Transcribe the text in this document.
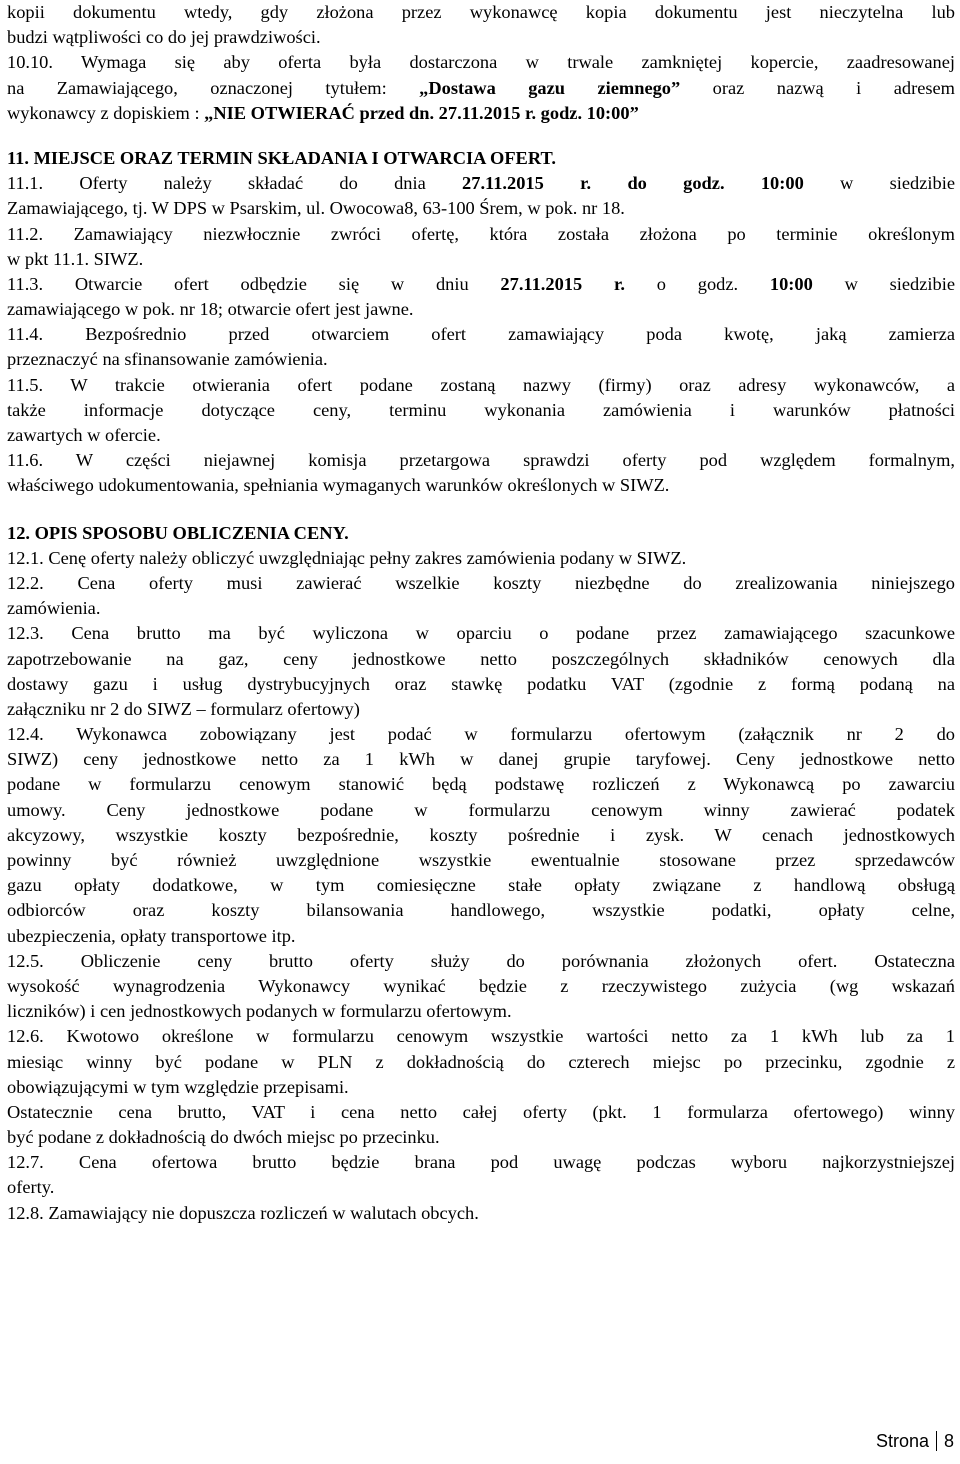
kopii dokumentu wtedy, gdy złożona przez wykonawcę kopia dokumentu jest nieczytelna lub
budzi wątpliwości co do jej prawdziwości.
10.10. Wymaga się aby oferta była dostarczona w trwale zamkniętej kopercie, zaadresowanej
na Zamawiającego, oznaczonej tytułem: „Dostawa gazu ziemnego” oraz nazwą i adresem
wykonawcy z dopiskiem : „NIE OTWIERAĆ przed dn. 27.11.2015 r. godz. 10:00”
11. MIEJSCE ORAZ TERMIN SKŁADANIA I OTWARCIA OFERT.
11.1. Oferty należy składać do dnia 27.11.2015 r. do godz. 10:00 w siedzibie
Zamawiającego, tj. W DPS w Psarskim, ul. Owocowa8, 63-100 Śrem, w pok. nr 18.
11.2. Zamawiający niezwłocznie zwróci ofertę, która została złożona po terminie określonym
w pkt 11.1. SIWZ.
11.3. Otwarcie ofert odbędzie się w dniu 27.11.2015 r. o godz. 10:00 w siedzibie
zamawiającego w pok. nr 18; otwarcie ofert jest jawne.
11.4. Bezpośrednio przed otwarciem ofert zamawiający poda kwotę, jaką zamierza
przeznaczyć na sfinansowanie zamówienia.
11.5. W trakcie otwierania ofert podane zostaną nazwy (firmy) oraz adresy wykonawców, a
także informacje dotyczące ceny, terminu wykonania zamówienia i warunków płatności
zawartych w ofercie.
11.6. W części niejawnej komisja przetargowa sprawdzi oferty pod względem formalnym,
właściwego udokumentowania, spełniania wymaganych warunków określonych w SIWZ.
12. OPIS SPOSOBU OBLICZENIA CENY.
12.1. Cenę oferty należy obliczyć uwzględniając pełny zakres zamówienia podany w SIWZ.
12.2. Cena oferty musi zawierać wszelkie koszty niezbędne do zrealizowania niniejszego
zamówienia.
12.3. Cena brutto ma być wyliczona w oparciu o podane przez zamawiającego szacunkowe
zapotrzebowanie na gaz, ceny jednostkowe netto poszczególnych składników cenowych dla
dostawy gazu i usług dystrybucyjnych oraz stawkę podatku VAT (zgodnie z formą podaną na
załączniku nr 2 do SIWZ – formularz ofertowy)
12.4. Wykonawca zobowiązany jest podać w formularzu ofertowym (załącznik nr 2 do
SIWZ) ceny jednostkowe netto za 1 kWh w danej grupie taryfowej. Ceny jednostkowe netto
podane w formularzu cenowym stanowić będą podstawę rozliczeń z Wykonawcą po zawarciu
umowy. Ceny jednostkowe podane w formularzu cenowym winny zawierać podatek
akcyzowy, wszystkie koszty bezpośrednie, koszty pośrednie i zysk. W cenach jednostkowych
powinny być również uwzględnione wszystkie ewentualnie stosowane przez sprzedawców
gazu opłaty dodatkowe, w tym comiesięczne stałe opłaty związane z handlową obsługą
odbiorców oraz koszty bilansowania handlowego, wszystkie podatki, opłaty celne,
ubezpieczenia, opłaty transportowe itp.
12.5. Obliczenie ceny brutto oferty służy do porównania złożonych ofert. Ostateczna
wysokość wynagrodzenia Wykonawcy wynikać będzie z rzeczywistego zużycia (wg wskazań
liczników) i cen jednostkowych podanych w formularzu ofertowym.
12.6. Kwotowo określone w formularzu cenowym wszystkie wartości netto za 1 kWh lub za 1
miesiąc winny być podane w PLN z dokładnością do czterech miejsc po przecinku, zgodnie z
obowiązującymi w tym względzie przepisami.
Ostatecznie cena brutto, VAT i cena netto całej oferty (pkt. 1 formularza ofertowego) winny
być podane z dokładnością do dwóch miejsc po przecinku.
12.7. Cena ofertowa brutto będzie brana pod uwagę podczas wyboru najkorzystniejszej
oferty.
12.8. Zamawiający nie dopuszcza rozliczeń w walutach obcych.
Strona 8
